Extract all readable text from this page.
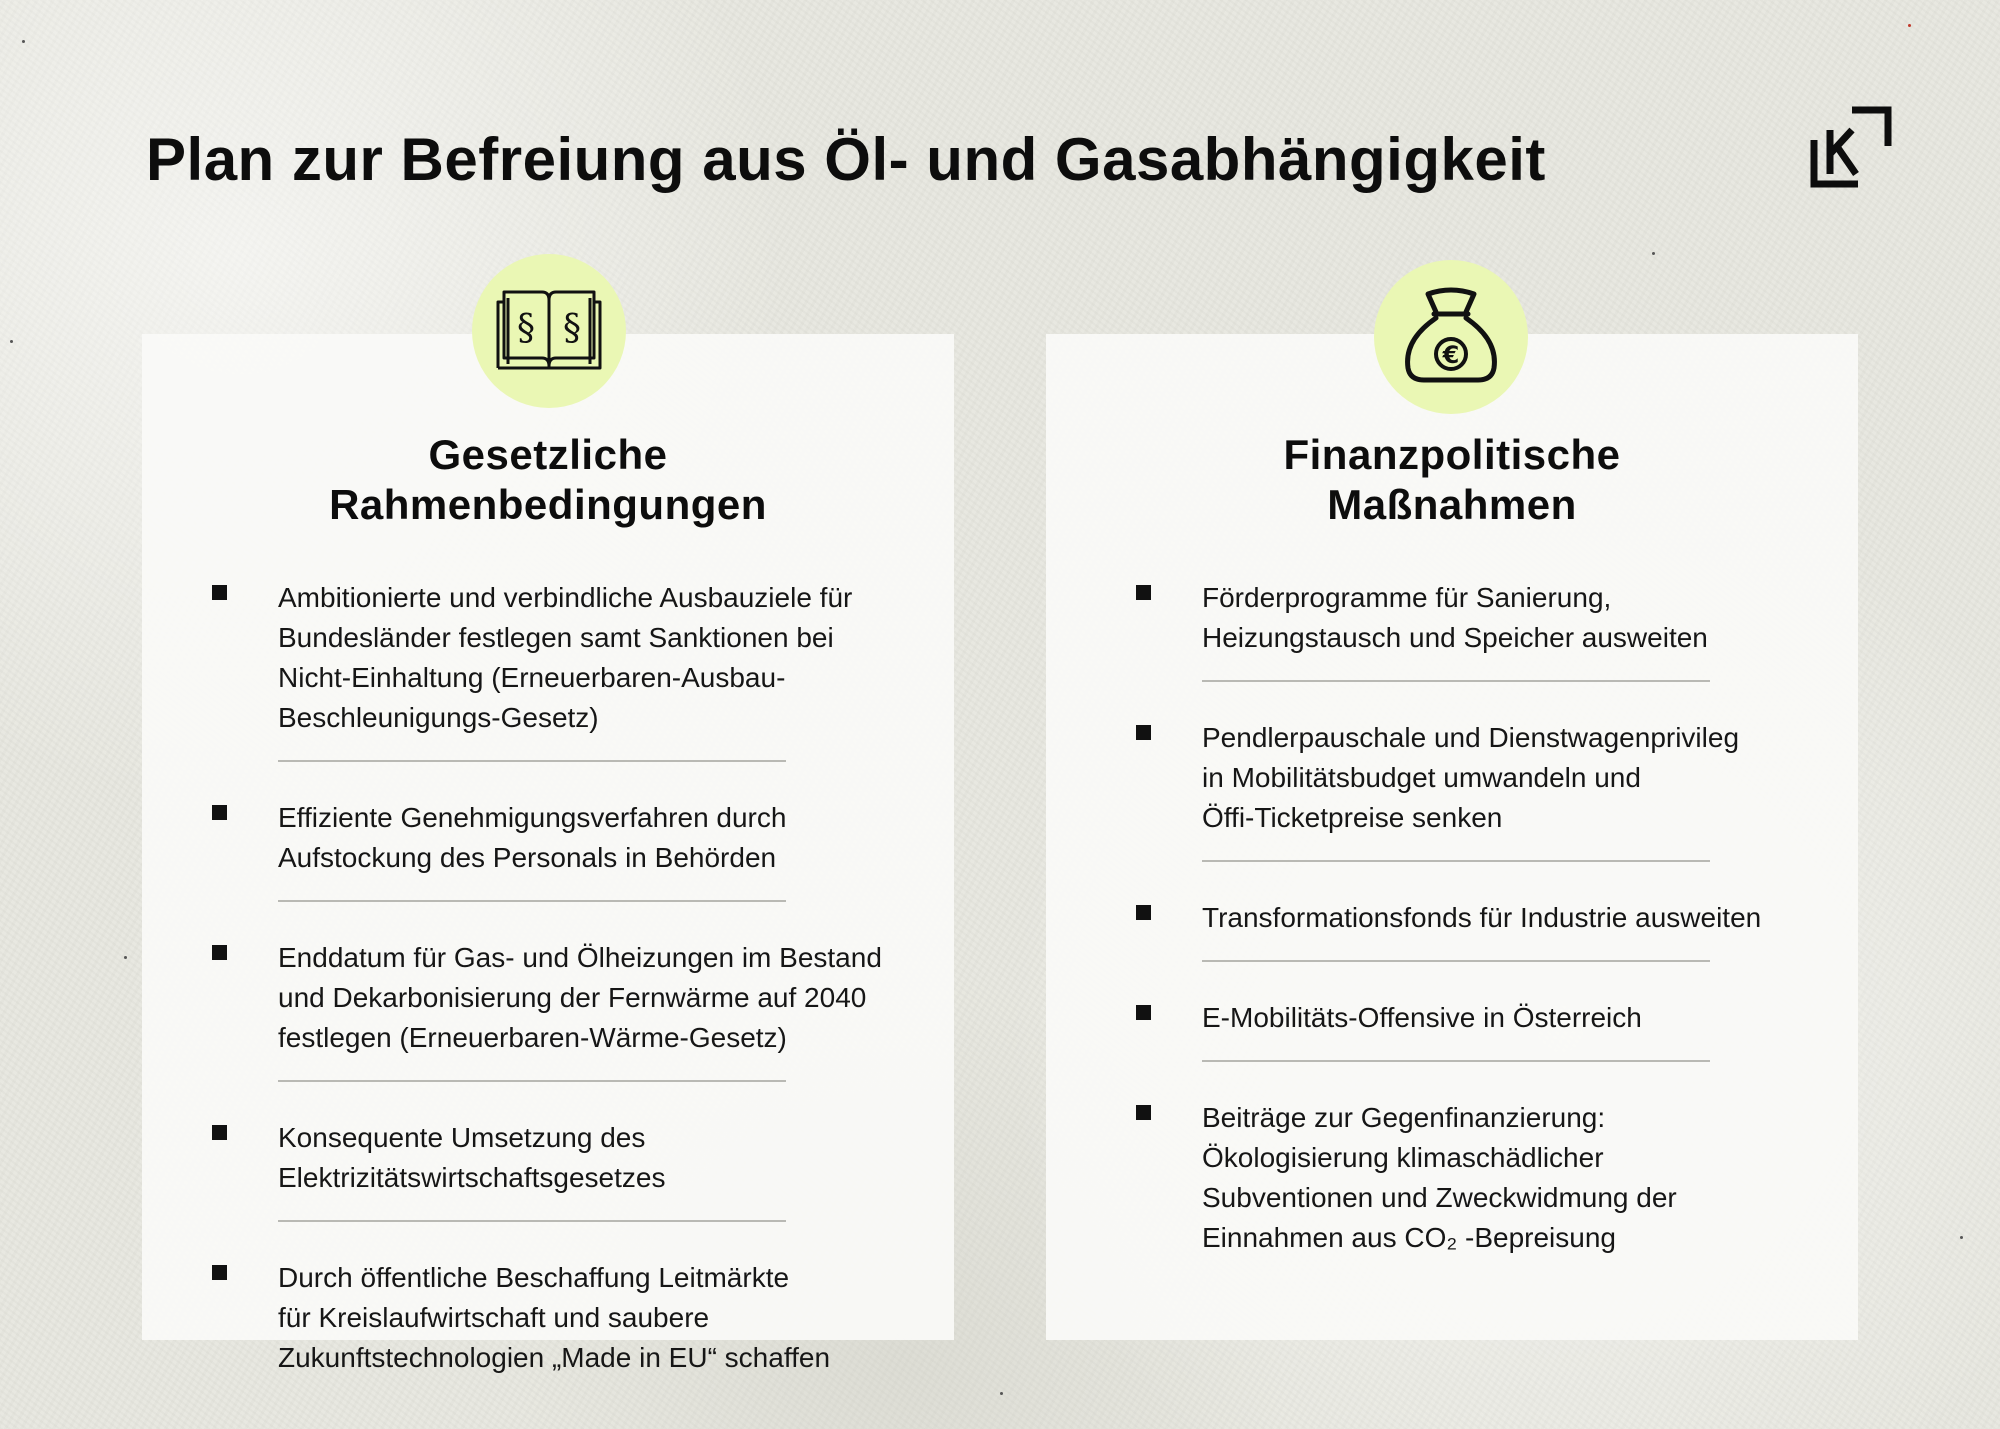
Plan zur Befreiung aus Öl- und Gasabhängigkeit
§ §
Gesetzliche
Rahmenbedingungen
Ambitionierte und verbindliche Ausbauziele für
Bundesländer festlegen samt Sanktionen bei
Nicht-Einhaltung (Erneuerbaren-Ausbau-
Beschleunigungs-Gesetz)
Effiziente Genehmigungsverfahren durch
Aufstockung des Personals in Behörden
Enddatum für Gas- und Ölheizungen im Bestand
und Dekarbonisierung der Fernwärme auf 2040
festlegen (Erneuerbaren-Wärme-Gesetz)
Konsequente Umsetzung des
Elektrizitätswirtschaftsgesetzes
Durch öffentliche Beschaffung Leitmärkte
für Kreislaufwirtschaft und saubere
Zukunftstechnologien „Made in EU“ schaffen
€
Finanzpolitische
Maßnahmen
Förderprogramme für Sanierung,
Heizungstausch und Speicher ausweiten
Pendlerpauschale und Dienstwagenprivileg
in Mobilitätsbudget umwandeln und
Öffi-Ticketpreise senken
Transformationsfonds für Industrie ausweiten
E-Mobilitäts-Offensive in Österreich
Beiträge zur Gegenfinanzierung:
Ökologisierung klimaschädlicher
Subventionen und Zweckwidmung der
Einnahmen aus CO₂ -Bepreisung
